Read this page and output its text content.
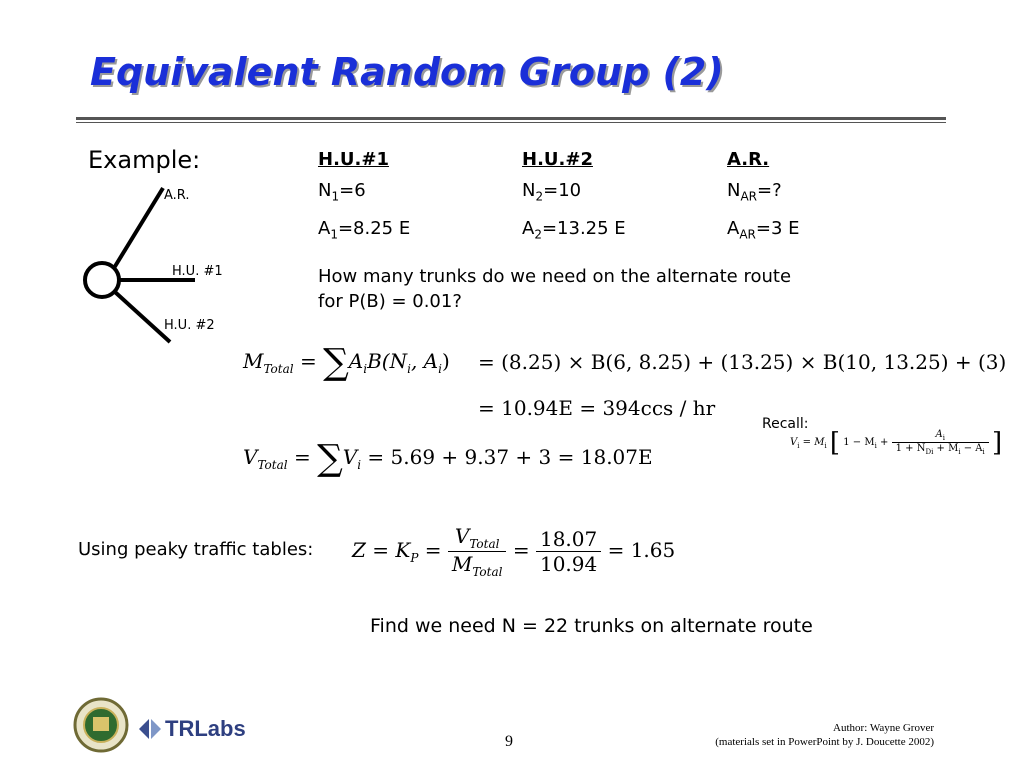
Equivalent Random Group (2)
Example:
A.R.
H.U. #1
H.U. #2
H.U.#1
$N_1=6$
$A_1=8.25$ E
H.U.#2
$N_2=10$
$A_2=13.25$ E
A.R.
$N_{AR}=$?
$A_{AR}=3$ E
How many trunks do we need on the alternate route for P(B) = 0.01?
$M_{Total} = \sum A_iB(N_i$, $A_i) = (8.25) \times B(6$, 8.25) + (13.25) × B(10, 13.25) + (3)
= 10.94E = 394ccs / hr
$V_{Total} = \sum V_i = 5.69 + 9.37 + 3 = 18.07E$
Recall:
$V_i = M_i$ [ $1 - M_i + \frac{A_i}{1 + N_{Di} + M_i - A_i}$ ]
Using peaky traffic tables: $Z = K_P = \frac{V_{Total}}{M_{Total}} = \frac{18.07}{10.94} = 1.65$
Find we need N = 22 trunks on alternate route
TRLabs
9
Author: Wayne Grover
(materials set in PowerPoint by J. Doucette 2002)
